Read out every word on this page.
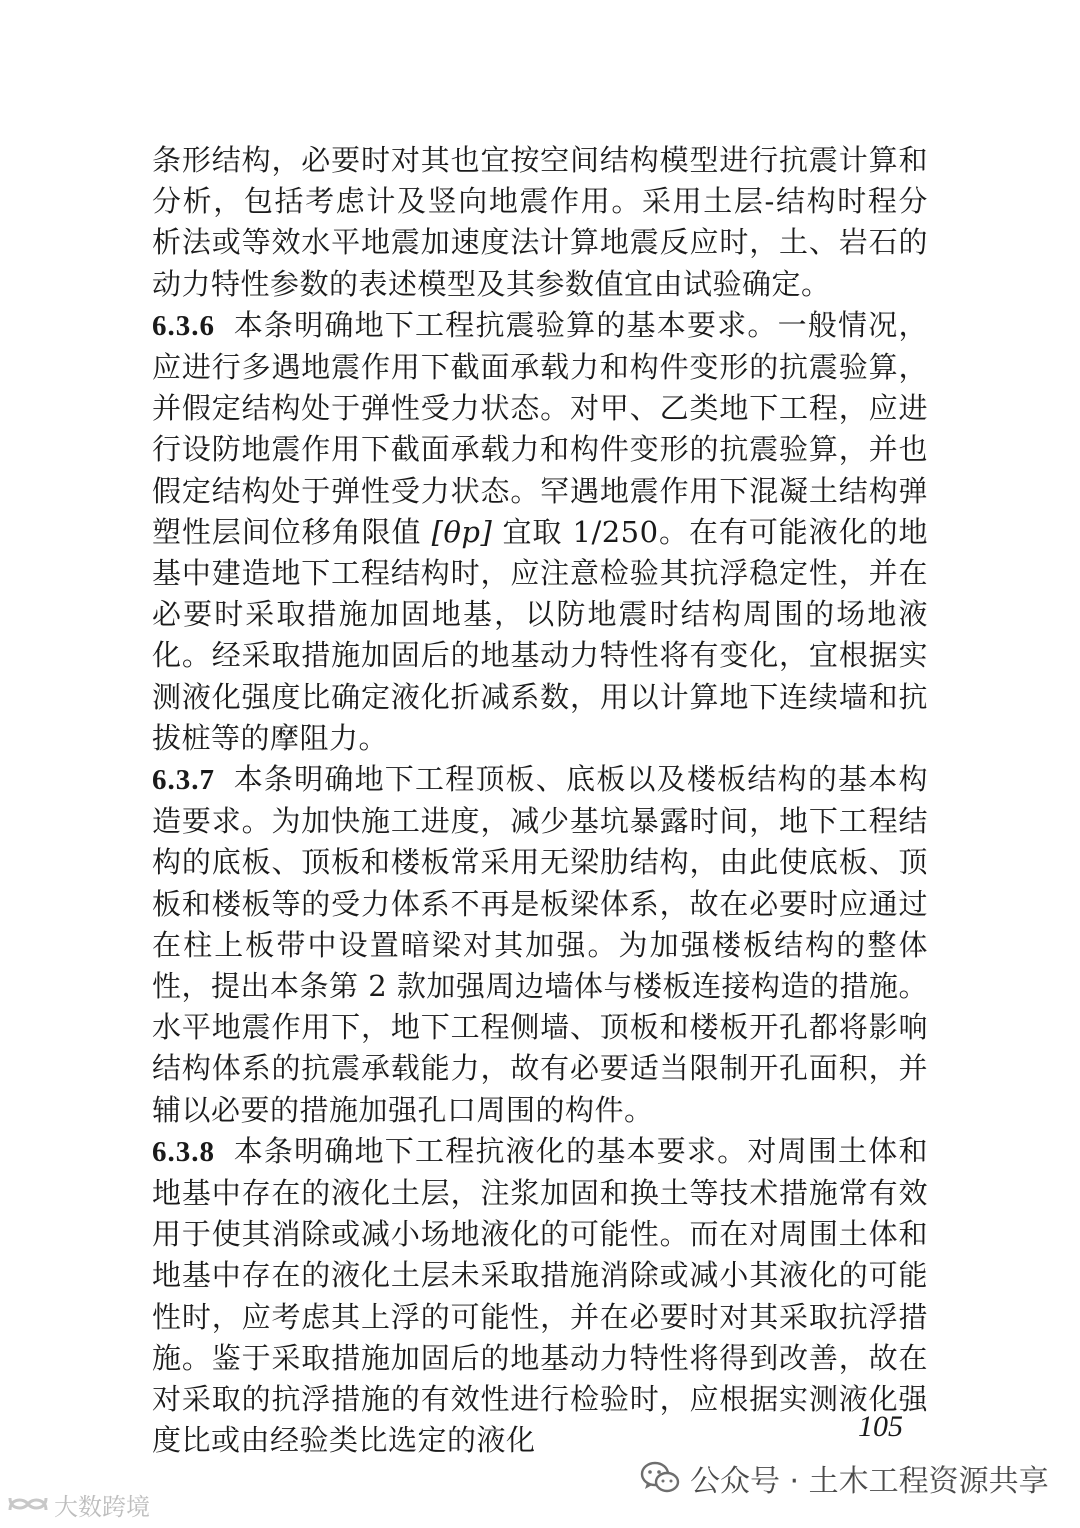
条形结构，必要时对其也宜按空间结构模型进行抗震计算和分析，包括考虑计及竖向地震作用。采用土层-结构时程分析法或等效水平地震加速度法计算地震反应时，土、岩石的动力特性参数的表述模型及其参数值宜由试验确定。

6.3.6 本条明确地下工程抗震验算的基本要求。一般情况，应进行多遇地震作用下截面承载力和构件变形的抗震验算，并假定结构处于弹性受力状态。对甲、乙类地下工程，应进行设防地震作用下截面承载力和构件变形的抗震验算，并也假定结构处于弹性受力状态。罕遇地震作用下混凝土结构弹塑性层间位移角限值 [θp] 宜取 1/250。在有可能液化的地基中建造地下工程结构时，应注意检验其抗浮稳定性，并在必要时采取措施加固地基，以防地震时结构周围的场地液化。经采取措施加固后的地基动力特性将有变化，宜根据实测液化强度比确定液化折减系数，用以计算地下连续墙和抗拔桩等的摩阻力。

6.3.7 本条明确地下工程顶板、底板以及楼板结构的基本构造要求。为加快施工进度，减少基坑暴露时间，地下工程结构的底板、顶板和楼板常采用无梁肋结构，由此使底板、顶板和楼板等的受力体系不再是板梁体系，故在必要时应通过在柱上板带中设置暗梁对其加强。为加强楼板结构的整体性，提出本条第 2 款加强周边墙体与楼板连接构造的措施。水平地震作用下，地下工程侧墙、顶板和楼板开孔都将影响结构体系的抗震承载能力，故有必要适当限制开孔面积，并辅以必要的措施加强孔口周围的构件。

6.3.8 本条明确地下工程抗液化的基本要求。对周围土体和地基中存在的液化土层，注浆加固和换土等技术措施常有效用于使其消除或减小场地液化的可能性。而在对周围土体和地基中存在的液化土层未采取措施消除或减小其液化的可能性时，应考虑其上浮的可能性，并在必要时对其采取抗浮措施。鉴于采取措施加固后的地基动力特性将得到改善，故在对采取的抗浮措施的有效性进行检验时，应根据实测液化强度比或由经验类比选定的液化	105
公众号 · 土木工程资源共享
大数跨境
